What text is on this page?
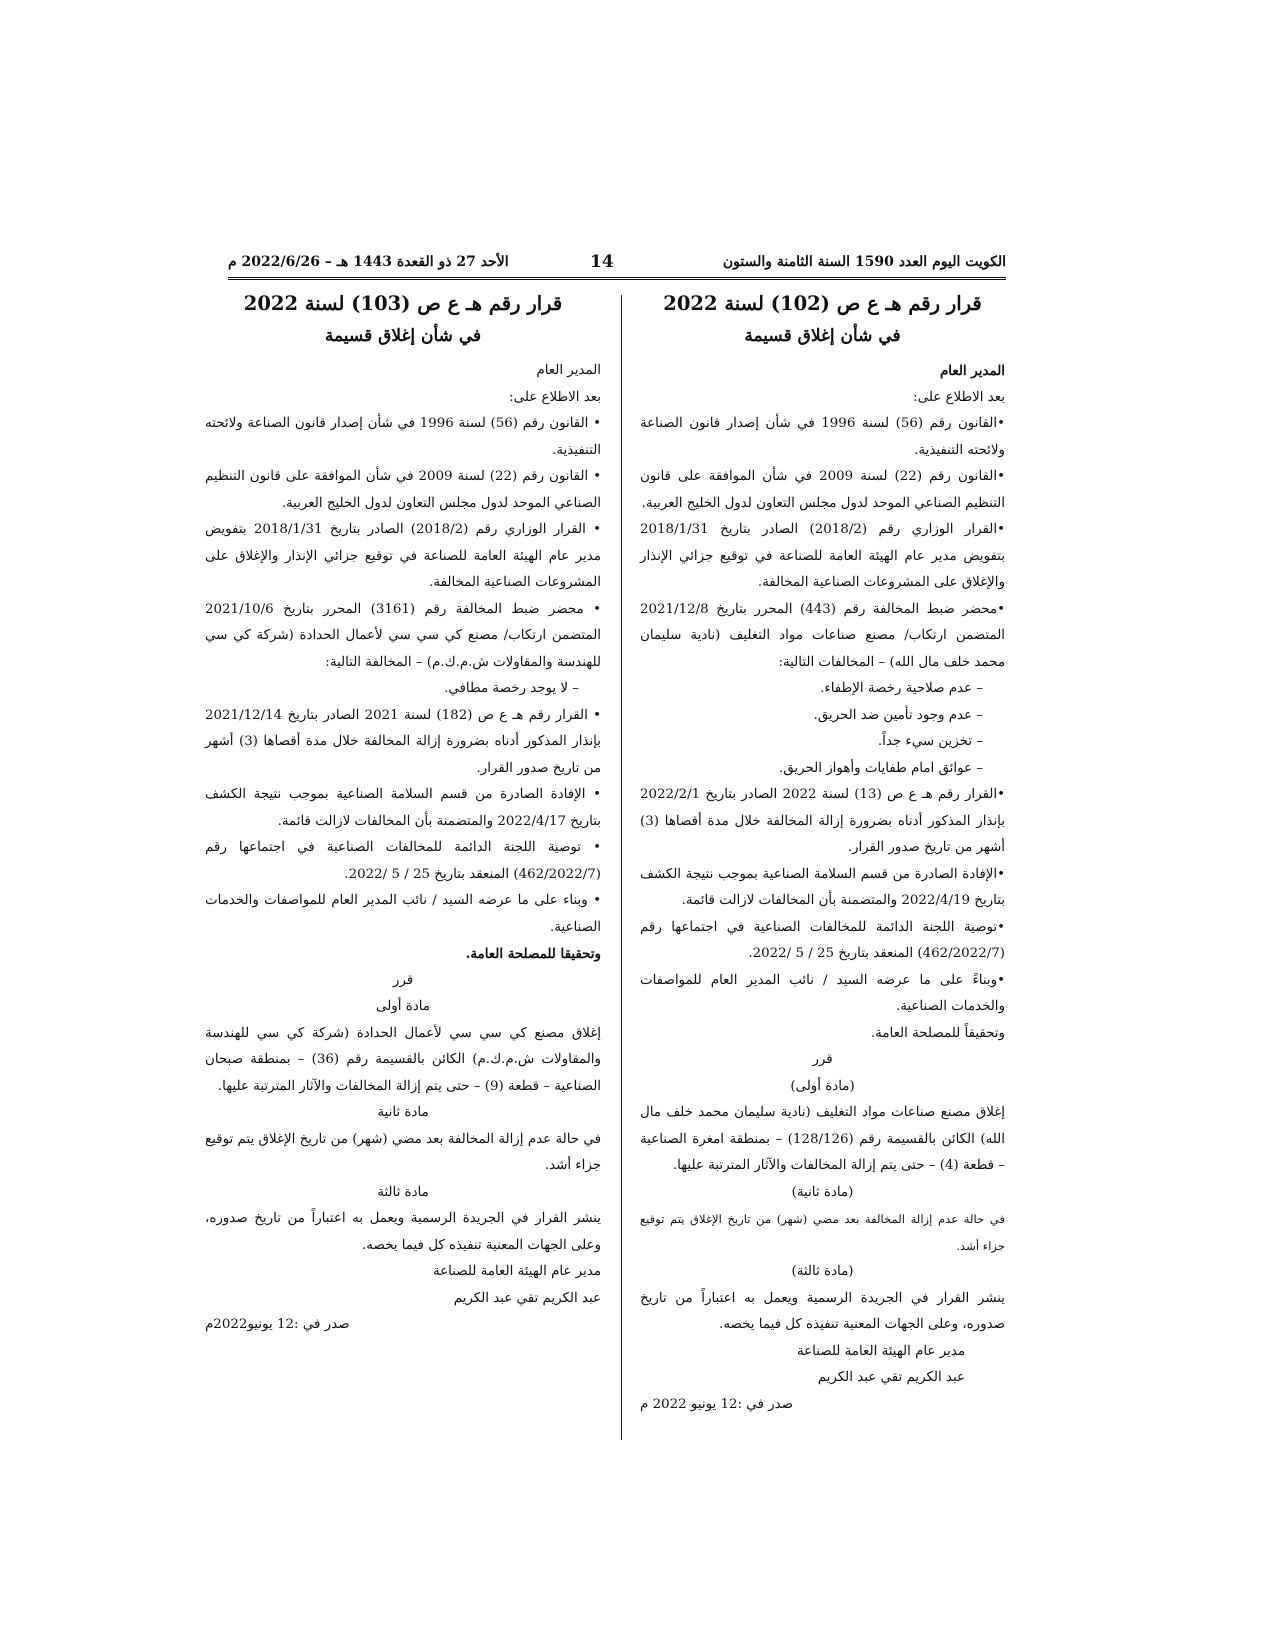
الكويت اليوم العدد 1590 السنة الثامنة والستون
14
الأحد 27 ذو القعدة 1443 هـ – 2022/6/26 م

قرار رقم هـ ع ص (102) لسنة 2022

في شأن إغلاق قسيمة

المدير العام

بعد الاطلاع على:

•القانون رقم (56) لسنة 1996 في شأن إصدار قانون الصناعة ولائحته التنفيذية.

•القانون رقم (22) لسنة 2009 في شأن الموافقة على قانون التنظيم الصناعي الموحد لدول مجلس التعاون لدول الخليج العربية.

•القرار الوزاري رقم (2018/2) الصادر بتاريخ 2018/1/31 بتفويض مدير عام الهيئة العامة للصناعة في توقيع جزائي الإنذار والإغلاق على المشروعات الصناعية المخالفة.

•محضر ضبط المخالفة رقم (443) المحرر بتاريخ 2021/12/8 المتضمن ارتكاب/ مصنع صناعات مواد التغليف (نادية سليمان محمد خلف مال الله) – المخالفات التالية:

– عدم صلاحية رخصة الإطفاء.

– عدم وجود تأمين ضد الحريق.

– تخزين سيء جداً.

– عوائق امام طفايات وأهواز الحريق.

•القرار رقم هـ ع ص (13) لسنة 2022 الصادر بتاريخ 2022/2/1 بإنذار المذكور أدناه بضرورة إزالة المخالفة خلال مدة أقصاها (3) أشهر من تاريخ صدور القرار.

•الإفادة الصادرة من قسم السلامة الصناعية بموجب نتيجة الكشف بتاريخ 2022/4/19 والمتضمنة بأن المخالفات لازالت قائمة.

•توصية اللجنة الدائمة للمخالفات الصناعية في اجتماعها رقم (462/2022/7) المنعقد بتاريخ 25 / 5 /2022.

•وبناءً على ما عرضه السيد / نائب المدير العام للمواصفات والخدمات الصناعية.

وتحقيقاً للمصلحة العامة.

قرر

(مادة أولى)

إغلاق مصنع صناعات مواد التغليف (نادية سليمان محمد خلف مال الله) الكائن بالقسيمة رقم (128/126) – بمنطقة امغرة الصناعية – قطعة (4) – حتى يتم إزالة المخالفات والآثار المترتبة عليها.

(مادة ثانية)

في حالة عدم إزالة المخالفة بعد مضي (شهر) من تاريخ الإغلاق يتم توقيع جزاء أشد.

(مادة ثالثة)

ينشر القرار في الجريدة الرسمية ويعمل به اعتباراً من تاريخ صدوره، وعلى الجهات المعنية تنفيذه كل فيما يخصه.

مدير عام الهيئة العامة للصناعة

عبد الكريم تقي عبد الكريم

صدر في :12 يونيو 2022 م

قرار رقم هـ ع ص (103) لسنة 2022

في شأن إغلاق قسيمة

المدير العام

بعد الاطلاع على:

• القانون رقم (56) لسنة 1996 في شأن إصدار قانون الصناعة ولائحته التنفيذية.

• القانون رقم (22) لسنة 2009 في شأن الموافقة على قانون التنظيم الصناعي الموحد لدول مجلس التعاون لدول الخليج العربية.

• القرار الوزاري رقم (2018/2) الصادر بتاريخ 2018/1/31 بتفويض مدير عام الهيئة العامة للصناعة في توقيع جزائي الإنذار والإغلاق على المشروعات الصناعية المخالفة.

• محضر ضبط المخالفة رقم (3161) المحرر بتاريخ 2021/10/6 المتضمن ارتكاب/ مصنع كي سي سي لأعمال الحدادة (شركة كي سي للهندسة والمقاولات ش.م.ك.م) – المخالفة التالية:

– لا يوجد رخصة مطافي.

• القرار رقم هـ ع ص (182) لسنة 2021 الصادر بتاريخ 2021/12/14 بإنذار المذكور أدناه بضرورة إزالة المخالفة خلال مدة أقصاها (3) أشهر من تاريخ صدور القرار.

• الإفادة الصادرة من قسم السلامة الصناعية بموجب نتيجة الكشف بتاريخ 2022/4/17 والمتضمنة بأن المخالفات لازالت قائمة.

• توصية اللجنة الدائمة للمخالفات الصناعية في اجتماعها رقم (462/2022/7) المنعقد بتاريخ 25 / 5 /2022.

• وبناء على ما عرضه السيد / نائب المدير العام للمواصفات والخدمات الصناعية.

وتحقيقا للمصلحة العامة.

قرر

مادة أولى

إغلاق مصنع كي سي سي لأعمال الحدادة (شركة كي سي للهندسة والمقاولات ش.م.ك.م) الكائن بالقسيمة رقم (36) – بمنطقة صبحان الصناعية – قطعة (9) – حتى يتم إزالة المخالفات والآثار المترتبة عليها.

مادة ثانية

في حالة عدم إزالة المخالفة بعد مضي (شهر) من تاريخ الإغلاق يتم توقيع جزاء أشد.

مادة ثالثة

ينشر القرار في الجريدة الرسمية ويعمل به اعتباراً من تاريخ صدوره، وعلى الجهات المعنية تنفيذه كل فيما يخصه.

مدير عام الهيئة العامة للصناعة

عبد الكريم تقي عبد الكريم

صدر في :12 يونيو2022م
